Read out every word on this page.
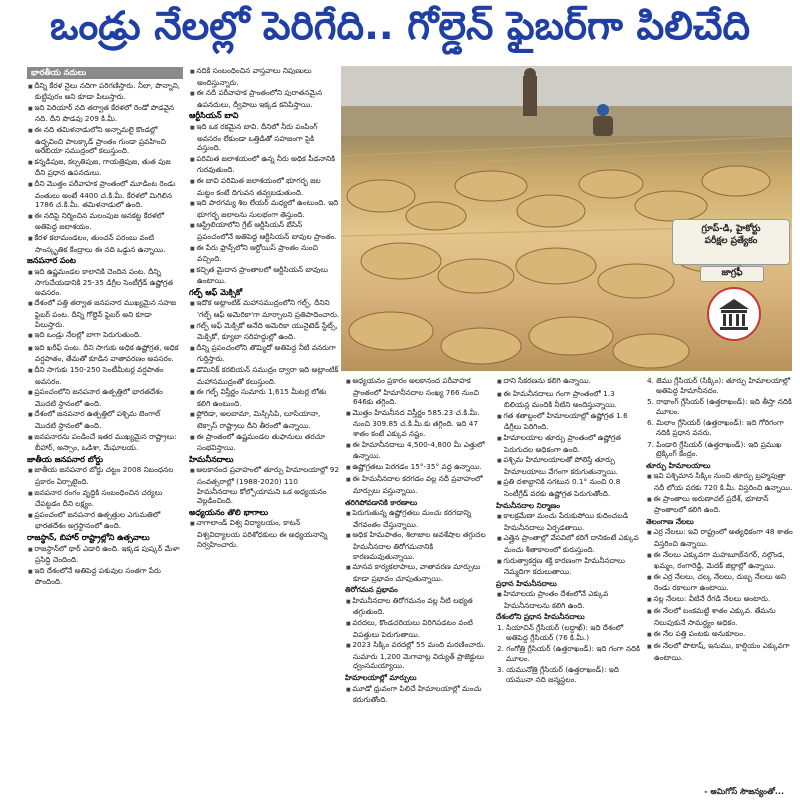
ఒండ్రు నేలల్లో పెరిగేది.. గోల్డెన్ ఫైబర్‌గా పిలిచేది
భారతీయ నదులు
■ దీన్ని కేరళ నైలు నదిగా పరిగణిస్తారు. నీలా, పొన్నాని, కుట్టిపురం అని కూడా పిలుస్తారు.
■ ఇది పెరియార్ నది తర్వాత కేరళలో రెండో పొడవైన నది. దీని పొడవు 209 కి.మీ.
■ ఈ నది తమిళనాడులోని అన్నామలై కొండల్లో ఉద్భవించి పాలక్కాడ్ ప్రాంతం గుండా ప్రవహించి అరేబియా సముద్రంలో కలుస్తుంది.
■ కన్నడిపుజ, కల్పతిపుజ, గాయత్రిపుజ, తుత పుజ దీని ప్రధాన ఉపనదులు.
■ దీని మొత్తం పరీవాహక ప్రాంతంలో మూడింట రెండు వంతులు అంటే 4400 చ.కి.మీ. కేరళలో మిగిలిన 1786 చ.కి.మీ. తమిళనాడులో ఉంది.
■ ఈ నదిపై నిర్మించిన మలంపుజ ఆనకట్ట కేరళలో అతిపెద్ద జలాశయం.
■ కేరళ కలామండలం, తుంచన్ పరంబు వంటి సాంస్కృతిక కేంద్రాలు ఈ నది ఒడ్డున ఉన్నాయి.
జనపనార పంట
■ ఇది ఉష్ణమండల కాలానికి చెందిన పంట. దీన్ని సాగుచేయడానికి 25-35 డిగ్రీల సెంటీగ్రేడ్ ఉష్ణోగ్రత అవసరం.
■ దేశంలో పత్తి తర్వాత జనపనార ముఖ్యమైన సహజ ఫైబర్ పంట. దీన్ని గోల్డెన్ ఫైబర్ అని కూడా పిలుస్తారు.
■ ఇది ఒండ్రు నేలల్లో బాగా పెరుగుతుంది.
■ ఇది ఖరీఫ్ పంట. దీని సాగుకు అధిక ఉష్ణోగ్రత, అధిక వర్షపాతం, తేమతో కూడిన వాతావరణం అవసరం.
■ దీని సాగుకు 150-250 సెంటీమీటర్ల వర్షపాతం అవసరం.
■ ప్రపంచంలోని జనపనార ఉత్పత్తిలో భారతదేశం మొదటి స్థానంలో ఉంది.
■ దేశంలో జనపనార ఉత్పత్తిలో పశ్చిమ బెంగాల్ మొదటి స్థానంలో ఉంది.
■ జనపనారను పండించే ఇతర ముఖ్యమైన రాష్ట్రాలు: బీహార్, అస్సాం, ఒడిశా, మేఘాలయ.
జాతీయ జనపనార బోర్డు
■ జాతీయ జనపనార బోర్డు చట్టం 2008 నిబంధనల ప్రకారం ఏర్పాటైంది.
■ జనపనార రంగం వృద్ధికి సంబంధించిన చర్యలు చేపట్టడం దీని లక్ష్యం.
■ ప్రపంచంలో జనపనార ఉత్పత్తుల ఎగుమతిలో భారతదేశం అగ్రస్థానంలో ఉంది.
రాజస్థాన్, బిహార్ రాష్ట్రాల్లోని ఉత్సవాలు
■ రాజస్థాన్‌లో థార్ ఎడారి ఉంది. ఇక్కడ పుష్కర్ మేళా ప్రసిద్ధి చెందింది.
■ ఇది దేశంలోనే అతిపెద్ద పశువుల సంతగా పేరు పొందింది.
■ నదికి సంబంధించిన వాస్తవాలు నిపుణులు అందిస్తున్నారు.
■ ఈ నదీ పరీవాహక ప్రాంతంలోని పురాతనమైన ఉపనదులు, ద్వీపాలు ఇక్కడ కనిపిస్తాయి.
ఆర్టీసియన్ బావి
■ ఇది ఒక రకమైన బావి. దీనిలో నీరు పంపింగ్ అవసరం లేకుండా ఒత్తిడితో సహజంగా పైకి వస్తుంది.
■ పరిమిత జలాశయంలో ఉన్న నీరు అధిక పీడనానికి గురవుతుంది.
■ ఈ బావి పరిమిత జలాశయంలో భూగర్భ జల మట్టం కంటే దిగువన తవ్వబడుతుంది.
■ ఇది పారగమ్య శిల లేయర్ మధ్యలో ఉంటుంది. ఇది భూగర్భ జలాలను సులభంగా తెస్తుంది.
■ ఆస్ట్రేలియాలోని గ్రేట్ ఆర్టీసియన్ బేసిన్ ప్రపంచంలోనే అతిపెద్ద ఆర్టీసియన్ బావుల ప్రాంతం.
■ ఈ పేరు ఫ్రాన్స్‌లోని ఆర్టోయిస్ ప్రాంతం నుంచి వచ్చింది.
■ కచ్చిత మైదాన ప్రాంతాలలో ఆర్టీసియన్ బావులు ఉంటాయి.
గల్ఫ్ ఆఫ్ మెక్సికో
■ ఇదొక అట్లాంటిక్ మహాసముద్రంలోని గల్ఫ్. దీనిని 'గల్ఫ్ ఆఫ్ అమెరికా'గా మార్చాలని ప్రతిపాదించారు.
■ గల్ఫ్ ఆఫ్ మెక్సికో అనేది అమెరికా యునైటెడ్ స్టేట్స్, మెక్సికో, క్యూబా సరిహద్దుల్లో ఉంది.
■ దీన్ని ప్రపంచంలోని తొమ్మిదో అతిపెద్ద నీటి వనరుగా గుర్తిస్తారు.
■ డొమినిక్ కరబియన్ సముద్రం ద్వారా ఇది అట్లాంటిక్ మహాసముద్రంతో కలుస్తుంది.
■ ఈ గల్ఫ్ విస్తీర్ణం సుమారు 1,615 మీటర్ల లోతు కలిగి ఉంటుంది.
■ ఫ్లోరిడా, అలబామా, మిస్సిసిపి, లూసియానా, టెక్సాస్ రాష్ట్రాలు దీని తీరంలో ఉన్నాయి.
■ ఈ ప్రాంతంలో ఉష్ణమండల తుఫానులు తరచూ సంభవిస్తాయి.
హిమనీనదాలు
■ అలకానంద ప్రవాహంలో తూర్పు హిమాలయాల్లో 92 సంవత్సరాల్లో (1988-2020) 110 హిమనీనదాలు కోల్పోయామని ఒక అధ్యయనం వెల్లడించింది.
అధ్యయనం తొలి భాగాలు
■ నాగాలాండ్ విశ్వ విద్యాలయం, కాటన్ విశ్వవిద్యాలయ పరిశోధకులు ఈ అధ్యయనాన్ని నిర్వహించారు.
గ్రూప్-డి, హైకోర్టు
పరీక్షల ప్రత్యేకం
జాగ్రఫీ
■ అధ్యయనం ప్రకారం అలకానంద పరీవాహక ప్రాంతంలో హిమానీనదాల సంఖ్య 766 నుంచి 646కు తగ్గింది.
■ మొత్తం హిమనీనద విస్తీర్ణం 585.23 చ.కి.మీ. నుంచి 309.85 చ.కి.మీ.కు తగ్గింది. ఇది 47 శాతం కంటే ఎక్కువ నష్టం.
■ ఈ హిమానీనదాలు 4,500-4,800 మీ ఎత్తులో ఉన్నాయి.
■ ఉష్ణోగ్రతలు పెరగడం 15°-35° వద్ద ఉన్నాయి.
■ ఈ హిమనీనదాల కరగడం వల్ల నదీ ప్రవాహంలో మార్పులు వస్తున్నాయి.
తరిగిపోవడానికి కారణాలు
■ పెరుగుతున్న ఉష్ణోగ్రతలు మంచు కరగడాన్ని వేగవంతం చేస్తున్నాయి.
■ అధిక హిమపాతం, శిలాజాల అవశేషాల తగ్గుదల హిమనీనదాల తిరోగమనానికి కారణమవుతున్నాయి.
■ మానవ కార్యకలాపాలు, వాతావరణ మార్పులు కూడా ప్రభావం చూపుతున్నాయి.
తిరోగమన ప్రభావం
■ హిమనీనదాల తిరోగమనం వల్ల నీటి లభ్యత తగ్గుతుంది.
■ వరదలు, కొండచరియలు విరిగిపడటం వంటి విపత్తులు పెరుగుతాయి.
■ 2023 సిక్కిం వరదల్లో 55 మంది మరణించారు. సుమారు 1,200 మెగావాట్ల విద్యుత్ ప్రాజెక్టులు ధ్వంసమయ్యాయి.
హిమాలయాల్లో మార్పులు
■ మూడో ధ్రువంగా పిలిచే హిమాలయాల్లో మంచు కరుగుతోంది.
■ దాని సేకరణను కలిగి ఉన్నాయి.
■ ఈ హిమనీనదాలు గంగా ప్రాంతంలో 1.3 బిలియన్ల మందికి నీటిని అందిస్తున్నాయి.
■ గత శతాబ్దంలో హిమాలయాల్లో ఉష్ణోగ్రత 1.6 డిగ్రీలు పెరిగింది.
■ హిమాలయాల తూర్పు ప్రాంతంలో ఉష్ణోగ్రత పెరుగుదల అధికంగా ఉంది.
■ పశ్చిమ హిమాలయాలతో పోలిస్తే తూర్పు హిమాలయాలు వేగంగా కరుగుతున్నాయి.
■ ప్రతి దశాబ్దానికి సగటున 0.1° నుంచి 0.8 సెంటీగ్రేడ్ వరకు ఉష్ణోగ్రత పెరుగుతోంది.
హిమనీనదాల నిర్మాణం
■ కాలక్రమేణా మంచు పేరుకుపోయి కుదించబడి హిమనీనదాలు ఏర్పడతాయి.
■ ఎత్తైన ప్రాంతాల్లో వేసవిలో కరిగే దానికంటే ఎక్కువ మంచు శీతాకాలంలో కురుస్తుంది.
■ గురుత్వాకర్షణ శక్తి కారణంగా హిమనీనదాలు నెమ్మదిగా కదులుతాయి.
ప్రధాన హిమనీనదాలు
■ హిమాలయ ప్రాంతం దేశంలోనే ఎక్కువ హిమనీనదాలను కలిగి ఉంది.
దేశంలోని ప్రధాన హిమనీనదాలు
1. సియాచిన్ గ్లేసియర్ (లద్దాఖ్): ఇది దేశంలో అతిపెద్ద గ్లేసియర్ (76 కి.మీ.)
2. గంగోత్రి గ్లేసియర్ (ఉత్తరాఖండ్): ఇది గంగా నదికి మూలం.
3. యమునోత్రి గ్లేసియర్ (ఉత్తరాఖండ్): ఇది యమునా నది జన్మస్థలం.
4. జెము గ్లేసియర్ (సిక్కిం): తూర్పు హిమాలయాల్లో అతిపెద్ద హిమానీనదం.
5. రాథాంగ్ గ్లేసియర్ (ఉత్తరాఖండ్): ఇది తీస్తా నదికి మూలం.
6. మిలాం గ్లేసియర్ (ఉత్తరాఖండ్): ఇది గోరిగంగా నదికి ప్రధాన వనరు.
7. పిండారి గ్లేసియర్ (ఉత్తరాఖండ్): ఇది ప్రముఖ ట్రెక్కింగ్ కేంద్రం.
తూర్పు హిమాలయాలు
■ ఇవి పశ్చిమాన సిక్కిం నుంచి తూర్పు బ్రహ్మపుత్రా నదీ లోయ వరకు 720 కి.మీ. విస్తరించి ఉన్నాయి.
■ ఈ ప్రాంతాలు అరుణాచల్ ప్రదేశ్, భూటాన్ ప్రాంతాలలో కలిగి ఉంది.
తెలంగాణ నేలలు
■ ఎర్ర నేలలు: ఇవి రాష్ట్రంలో అత్యధికంగా 48 శాతం విస్తరించి ఉన్నాయి.
■ ఈ నేలలు ఎక్కువగా మహబూబ్‌నగర్, నల్గొండ, ఖమ్మం, రంగారెడ్డి, మెదక్ జిల్లాల్లో ఉన్నాయి.
■ ఈ ఎర్ర నేలలు, చల్క నేలలు, దుబ్బ నేలలు అని రెండు రకాలుగా ఉంటాయి.
■ నల్ల నేలలు: వీటినే రేగడి నేలలు అంటారు.
■ ఈ నేలలో బంకమట్టి శాతం ఎక్కువ. తేమను నిలుపుకునే సామర్థ్యం అధికం.
■ ఈ నేల పత్తి పంటకు అనుకూలం.
■ ఈ నేలలో పొటాష్, ఇనుము, కాల్షియం ఎక్కువగా ఉంటాయి.
- అమిగోస్ సౌజన్యంతో...
